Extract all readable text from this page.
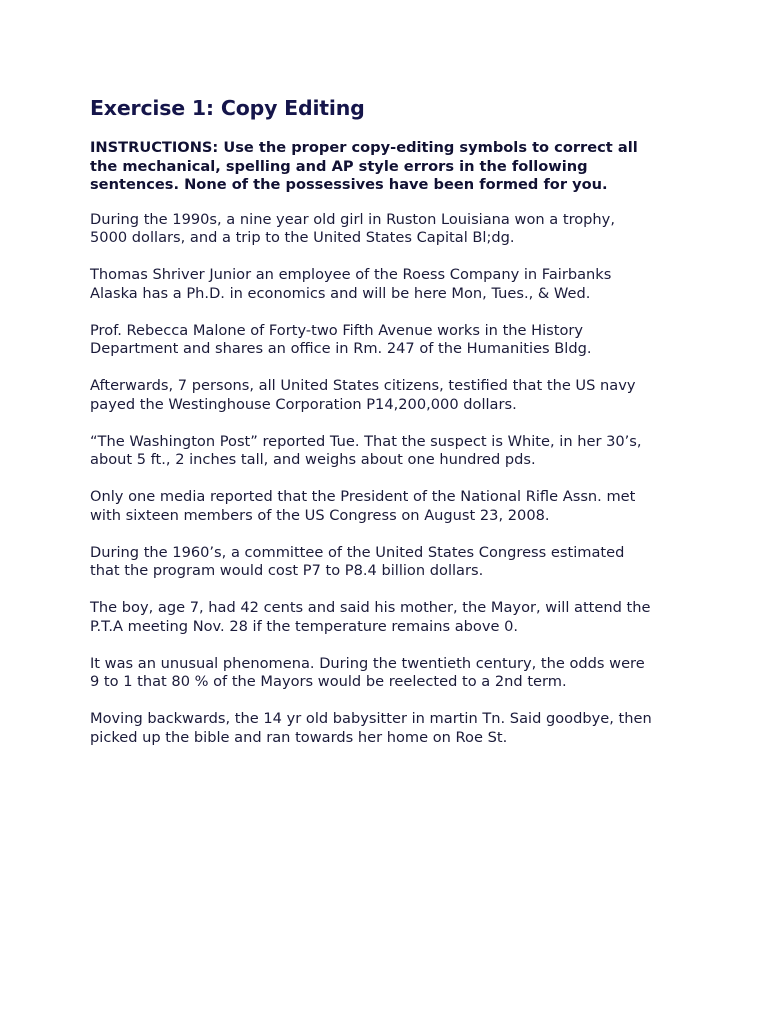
Exercise 1: Copy Editing

INSTRUCTIONS: Use the proper copy-editing symbols to correct all
the mechanical, spelling and AP style errors in the following
sentences. None of the possessives have been formed for you.

During the 1990s, a nine year old girl in Ruston Louisiana won a trophy,
5000 dollars, and a trip to the United States Capital Bl;dg.

Thomas Shriver Junior an employee of the Roess Company in Fairbanks
Alaska has a Ph.D. in economics and will be here Mon, Tues., & Wed.

Prof. Rebecca Malone of Forty-two Fifth Avenue works in the History
Department and shares an office in Rm. 247 of the Humanities Bldg.

Afterwards, 7 persons, all United States citizens, testified that the US navy
payed the Westinghouse Corporation P14,200,000 dollars.

“The Washington Post” reported Tue. That the suspect is White, in her 30’s,
about 5 ft., 2 inches tall, and weighs about one hundred pds.

Only one media reported that the President of the National Rifle Assn. met
with sixteen members of the US Congress on August 23, 2008.

During the 1960’s, a committee of the United States Congress estimated
that the program would cost P7 to P8.4 billion dollars.

The boy, age 7, had 42 cents and said his mother, the Mayor, will attend the
P.T.A meeting Nov. 28 if the temperature remains above 0.

It was an unusual phenomena. During the twentieth century, the odds were
9 to 1 that 80 % of the Mayors would be reelected to a 2nd term.

Moving backwards, the 14 yr old babysitter in martin Tn. Said goodbye, then
picked up the bible and ran towards her home on Roe St.
